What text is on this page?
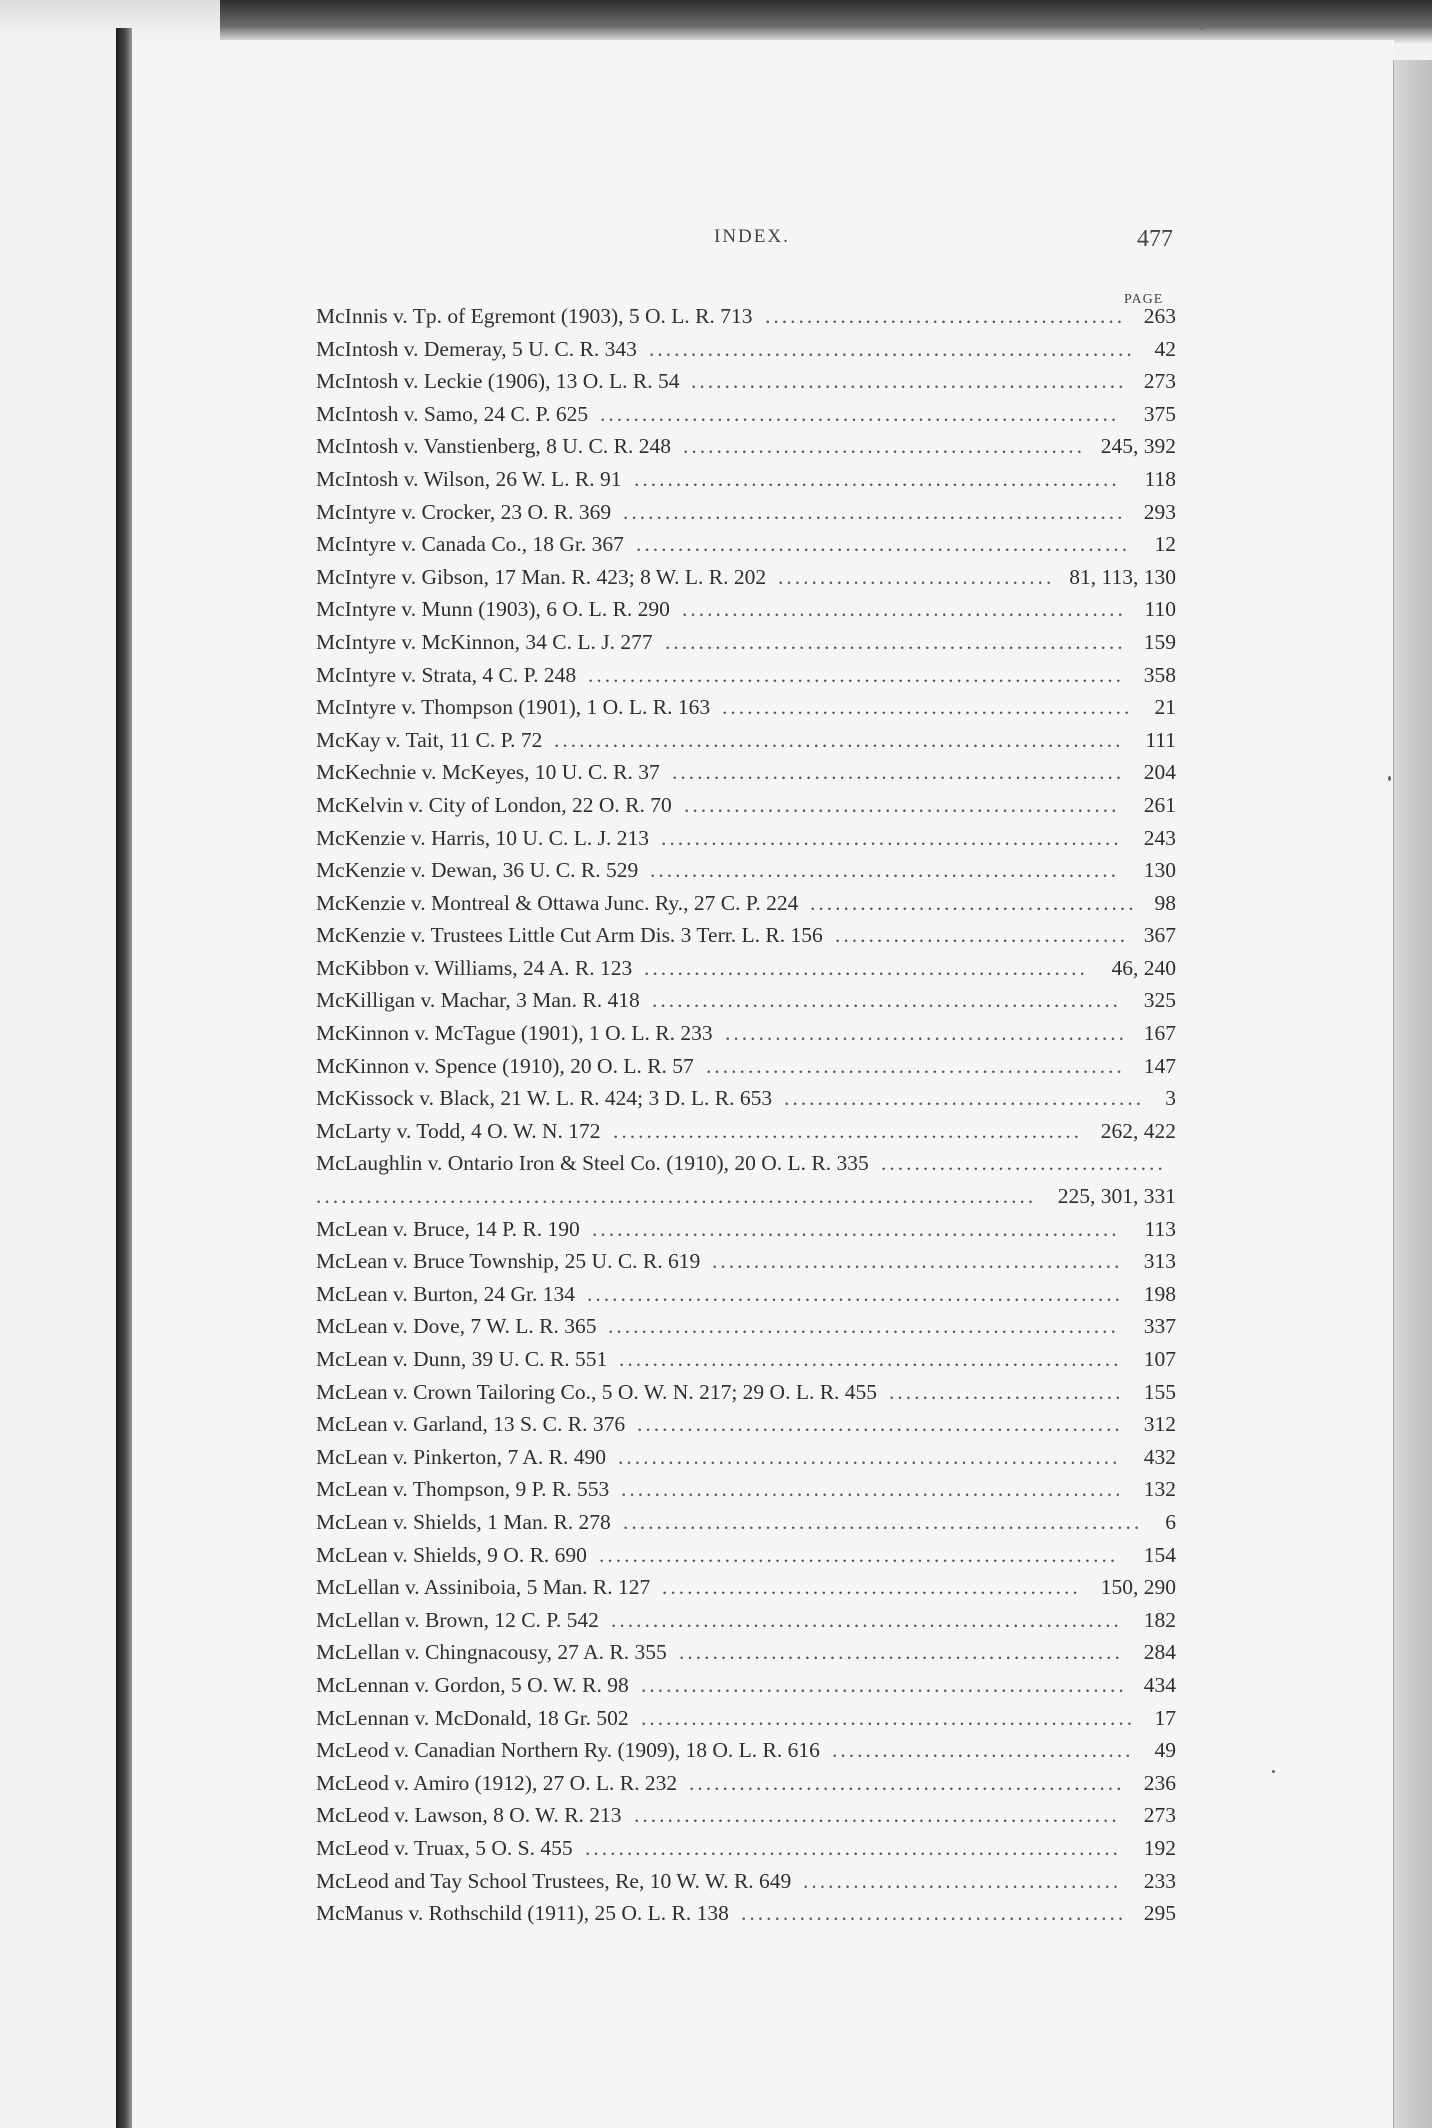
INDEX.	477
PAGE
McInnis v. Tp. of Egremont (1903), 5 O. L. R. 713 ........................................... 263
McIntosh v. Demeray, 5 U. C. R. 343 .......................................................... 42
McIntosh v. Leckie (1906), 13 O. L. R. 54 .................................................... 273
McIntosh v. Samo, 24 C. P. 625 ..............................................................	375
McIntosh v. Vanstienberg, 8 U. C. R. 248 ................................................ 245, 392
McIntosh v. Wilson, 26 W. L. R. 91 ..........................................................	118
McIntyre v. Crocker, 23 O. R. 369 ............................................................ 293
McIntyre v. Canada Co., 18 Gr. 367 ...........................................................	12
McIntyre v. Gibson, 17 Man. R. 423; 8 W. L. R. 202 ................................. 81, 113, 130
McIntyre v. Munn (1903), 6 O. L. R. 290 ..................................................... 110
McIntyre v. McKinnon, 34 C. L. J. 277 ....................................................... 159
McIntyre v. Strata, 4 C. P. 248 ................................................................ 358
McIntyre v. Thompson (1901), 1 O. L. R. 163 .................................................	21
McKay v. Tait, 11 C. P. 72 ....................................................................	111
McKechnie v. McKeyes, 10 U. C. R. 37 ...................................................... 204
McKelvin v. City of London, 22 O. R. 70 ....................................................	261
McKenzie v. Harris, 10 U. C. L. J. 213 .......................................................	243
McKenzie v. Dewan, 36 U. C. R. 529 ........................................................	130
McKenzie v. Montreal & Ottawa Junc. Ry., 27 C. P. 224 ....................................... 98
McKenzie v. Trustees Little Cut Arm Dis. 3 Terr. L. R. 156 ................................... 367
McKibbon v. Williams, 24 A. R. 123 .....................................................	46, 240
McKilligan v. Machar, 3 Man. R. 418 ........................................................	325
McKinnon v. McTague (1901), 1 O. L. R. 233 ................................................ 167
McKinnon v. Spence (1910), 20 O. L. R. 57 .................................................. 147
McKissock v. Black, 21 W. L. R. 424; 3 D. L. R. 653 ........................................... 3
McLarty v. Todd, 4 O. W. N. 172 ........................................................ 262, 422
McLaughlin v. Ontario Iron & Steel Co. (1910), 20 O. L. R. 335 ..................................
......................................................................................	225, 301, 331
McLean v. Bruce, 14 P. R. 190 ...............................................................	113
McLean v. Bruce Township, 25 U. C. R. 619 ................................................. 313
McLean v. Burton, 24 Gr. 134 ................................................................ 198
McLean v. Dove, 7 W. L. R. 365 .............................................................	337
McLean v. Dunn, 39 U. C. R. 551 ............................................................	107
McLean v. Crown Tailoring Co., 5 O. W. N. 217; 29 O. L. R. 455 ............................ 155
McLean v. Garland, 13 S. C. R. 376 .......................................................... 312
McLean v. Pinkerton, 7 A. R. 490 ............................................................	432
McLean v. Thompson, 9 P. R. 553 ............................................................ 132
McLean v. Shields, 1 Man. R. 278 ..............................................................	6
McLean v. Shields, 9 O. R. 690 ..............................................................	154
McLellan v. Assiniboia, 5 Man. R. 127 .................................................. 150, 290
McLellan v. Brown, 12 C. P. 542 .............................................................	182
McLellan v. Chingnacousy, 27 A. R. 355 ..................................................... 284
McLennan v. Gordon, 5 O. W. R. 98 .......................................................... 434
McLennan v. McDonald, 18 Gr. 502 ........................................................... 17
McLeod v. Canadian Northern Ry. (1909), 18 O. L. R. 616 .................................... 49
McLeod v. Amiro (1912), 27 O. L. R. 232 .................................................... 236
McLeod v. Lawson, 8 O. W. R. 213 ..........................................................	273
McLeod v. Truax, 5 O. S. 455 ................................................................	192
McLeod and Tay School Trustees, Re, 10 W. W. R. 649 ......................................	233
McManus v. Rothschild (1911), 25 O. L. R. 138 .............................................. 295
